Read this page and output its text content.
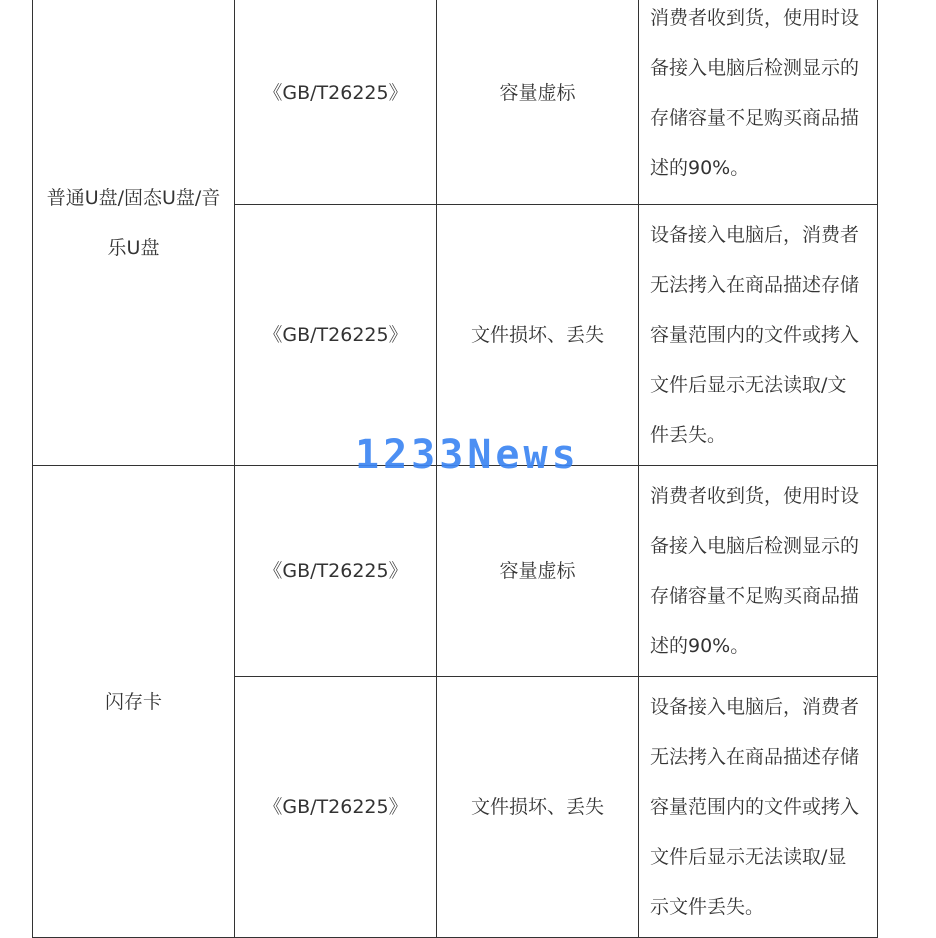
普通U盘/固态U盘/音乐U盘	《GB/T26225》	容量虚标	消费者收到货，使用时设备接入电脑后检测显示的存储容量不足购买商品描述的90%。
	《GB/T26225》	文件损坏、丢失	设备接入电脑后，消费者无法拷入在商品描述存储容量范围内的文件或拷入文件后显示无法读取/文件丢失。
闪存卡	《GB/T26225》	容量虚标	消费者收到货，使用时设备接入电脑后检测显示的存储容量不足购买商品描述的90%。
	《GB/T26225》	文件损坏、丢失	设备接入电脑后，消费者无法拷入在商品描述存储容量范围内的文件或拷入文件后显示无法读取/显示文件丢失。
1233News
